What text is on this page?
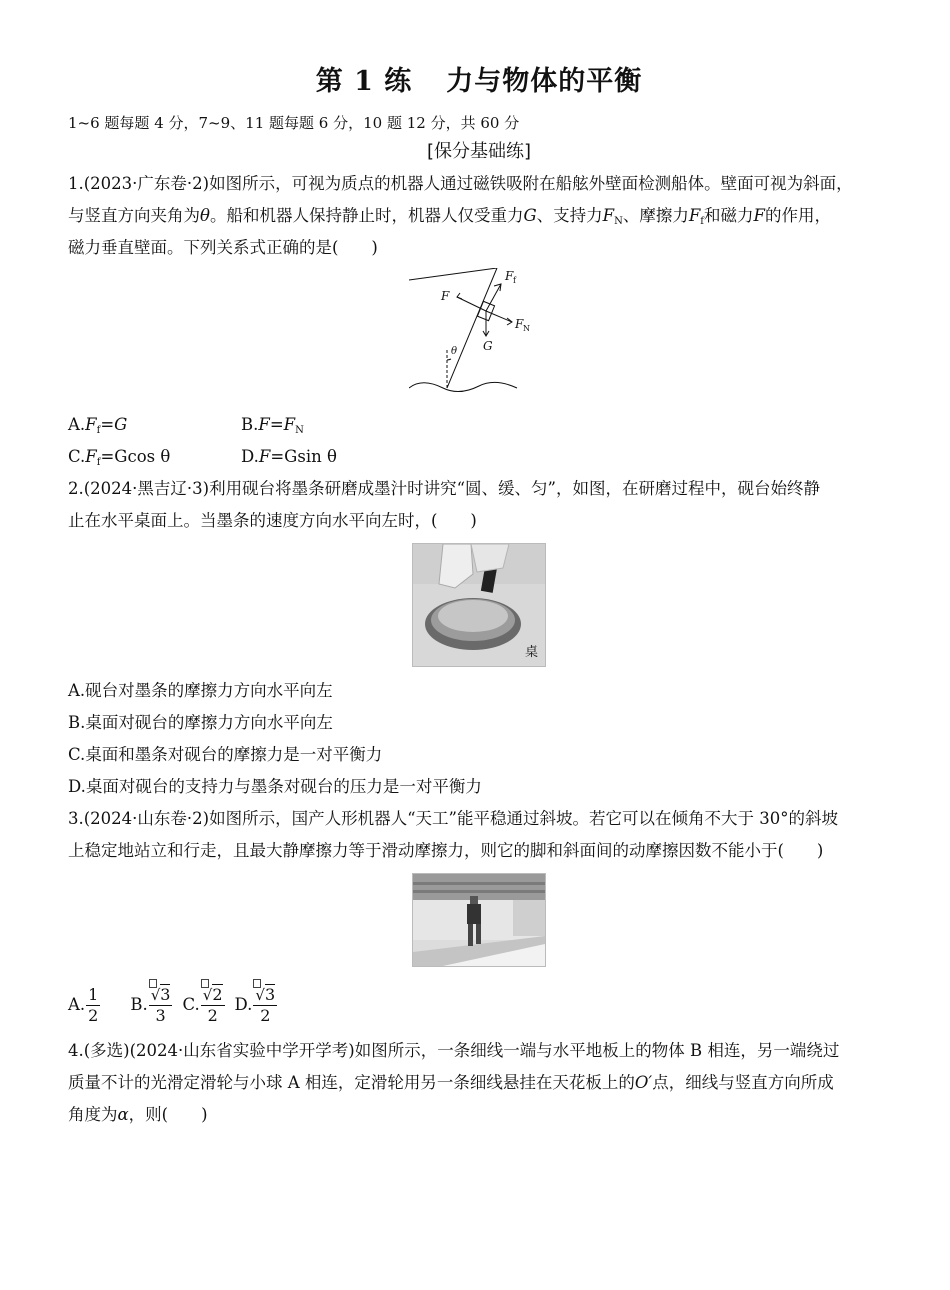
第 1 练 力与物体的平衡
1~6 题每题 4 分，7~9、11 题每题 6 分，10 题 12 分，共 60 分
[保分基础练]

1.(2023·广东卷·2)如图所示，可视为质点的机器人通过磁铁吸附在船舷外壁面检测船体。壁面可视为斜面，

与竖直方向夹角为θ。船和机器人保持静止时，机器人仅受重力G、支持力$F_N$、摩擦力$F_f$和磁力F的作用，

磁力垂直壁面。下列关系式正确的是(　　)

F f
F
F N
G
θ
$A.F_f=G$	$B.F=F_N$
$C.F_f=Gcos$ θ	D.F=Gsin θ

2.(2024·黑吉辽·3)利用砚台将墨条研磨成墨汁时讲究“圆、缓、匀”，如图，在研磨过程中，砚台始终静

止在水平桌面上。当墨条的速度方向水平向左时，(　　)

桌

A.砚台对墨条的摩擦力方向水平向左

B.桌面对砚台的摩擦力方向水平向左

C.桌面和墨条对砚台的摩擦力是一对平衡力

D.桌面对砚台的支持力与墨条对砚台的压力是一对平衡力

3.(2024·山东卷·2)如图所示，国产人形机器人“天工”能平稳通过斜坡。若它可以在倾角不大于 30°的斜坡

上稳定地站立和行走，且最大静摩擦力等于滑动摩擦力，则它的脚和斜面间的动摩擦因数不能小于(　　)

A. $\frac{1}{2} B$. $\frac{√3}{3} C$. $\frac{√2}{2} D$. $\frac{√3}{2}$

4.(多选)(2024·山东省实验中学开学考)如图所示，一条细线一端与水平地板上的物体 B 相连，另一端绕过

质量不计的光滑定滑轮与小球 A 相连，定滑轮用另一条细线悬挂在天花板上的O′点，细线与竖直方向所成

角度为α，则(　　)
